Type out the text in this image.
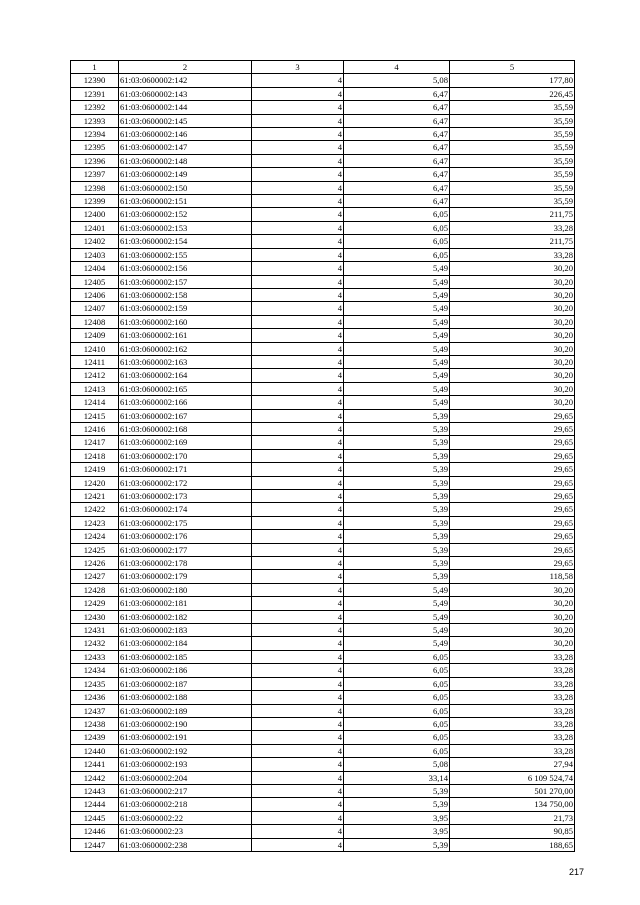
1	2	3	4	5
12390	61:03:0600002:142	4	5,08	177,80
12391	61:03:0600002:143	4	6,47	226,45
12392	61:03:0600002:144	4	6,47	35,59
12393	61:03:0600002:145	4	6,47	35,59
12394	61:03:0600002:146	4	6,47	35,59
12395	61:03:0600002:147	4	6,47	35,59
12396	61:03:0600002:148	4	6,47	35,59
12397	61:03:0600002:149	4	6,47	35,59
12398	61:03:0600002:150	4	6,47	35,59
12399	61:03:0600002:151	4	6,47	35,59
12400	61:03:0600002:152	4	6,05	211,75
12401	61:03:0600002:153	4	6,05	33,28
12402	61:03:0600002:154	4	6,05	211,75
12403	61:03:0600002:155	4	6,05	33,28
12404	61:03:0600002:156	4	5,49	30,20
12405	61:03:0600002:157	4	5,49	30,20
12406	61:03:0600002:158	4	5,49	30,20
12407	61:03:0600002:159	4	5,49	30,20
12408	61:03:0600002:160	4	5,49	30,20
12409	61:03:0600002:161	4	5,49	30,20
12410	61:03:0600002:162	4	5,49	30,20
12411	61:03:0600002:163	4	5,49	30,20
12412	61:03:0600002:164	4	5,49	30,20
12413	61:03:0600002:165	4	5,49	30,20
12414	61:03:0600002:166	4	5,49	30,20
12415	61:03:0600002:167	4	5,39	29,65
12416	61:03:0600002:168	4	5,39	29,65
12417	61:03:0600002:169	4	5,39	29,65
12418	61:03:0600002:170	4	5,39	29,65
12419	61:03:0600002:171	4	5,39	29,65
12420	61:03:0600002:172	4	5,39	29,65
12421	61:03:0600002:173	4	5,39	29,65
12422	61:03:0600002:174	4	5,39	29,65
12423	61:03:0600002:175	4	5,39	29,65
12424	61:03:0600002:176	4	5,39	29,65
12425	61:03:0600002:177	4	5,39	29,65
12426	61:03:0600002:178	4	5,39	29,65
12427	61:03:0600002:179	4	5,39	118,58
12428	61:03:0600002:180	4	5,49	30,20
12429	61:03:0600002:181	4	5,49	30,20
12430	61:03:0600002:182	4	5,49	30,20
12431	61:03:0600002:183	4	5,49	30,20
12432	61:03:0600002:184	4	5,49	30,20
12433	61:03:0600002:185	4	6,05	33,28
12434	61:03:0600002:186	4	6,05	33,28
12435	61:03:0600002:187	4	6,05	33,28
12436	61:03:0600002:188	4	6,05	33,28
12437	61:03:0600002:189	4	6,05	33,28
12438	61:03:0600002:190	4	6,05	33,28
12439	61:03:0600002:191	4	6,05	33,28
12440	61:03:0600002:192	4	6,05	33,28
12441	61:03:0600002:193	4	5,08	27,94
12442	61:03:0600002:204	4	33,14	6 109 524,74
12443	61:03:0600002:217	4	5,39	501 270,00
12444	61:03:0600002:218	4	5,39	134 750,00
12445	61:03:0600002:22	4	3,95	21,73
12446	61:03:0600002:23	4	3,95	90,85
12447	61:03:0600002:238	4	5,39	188,65
217
